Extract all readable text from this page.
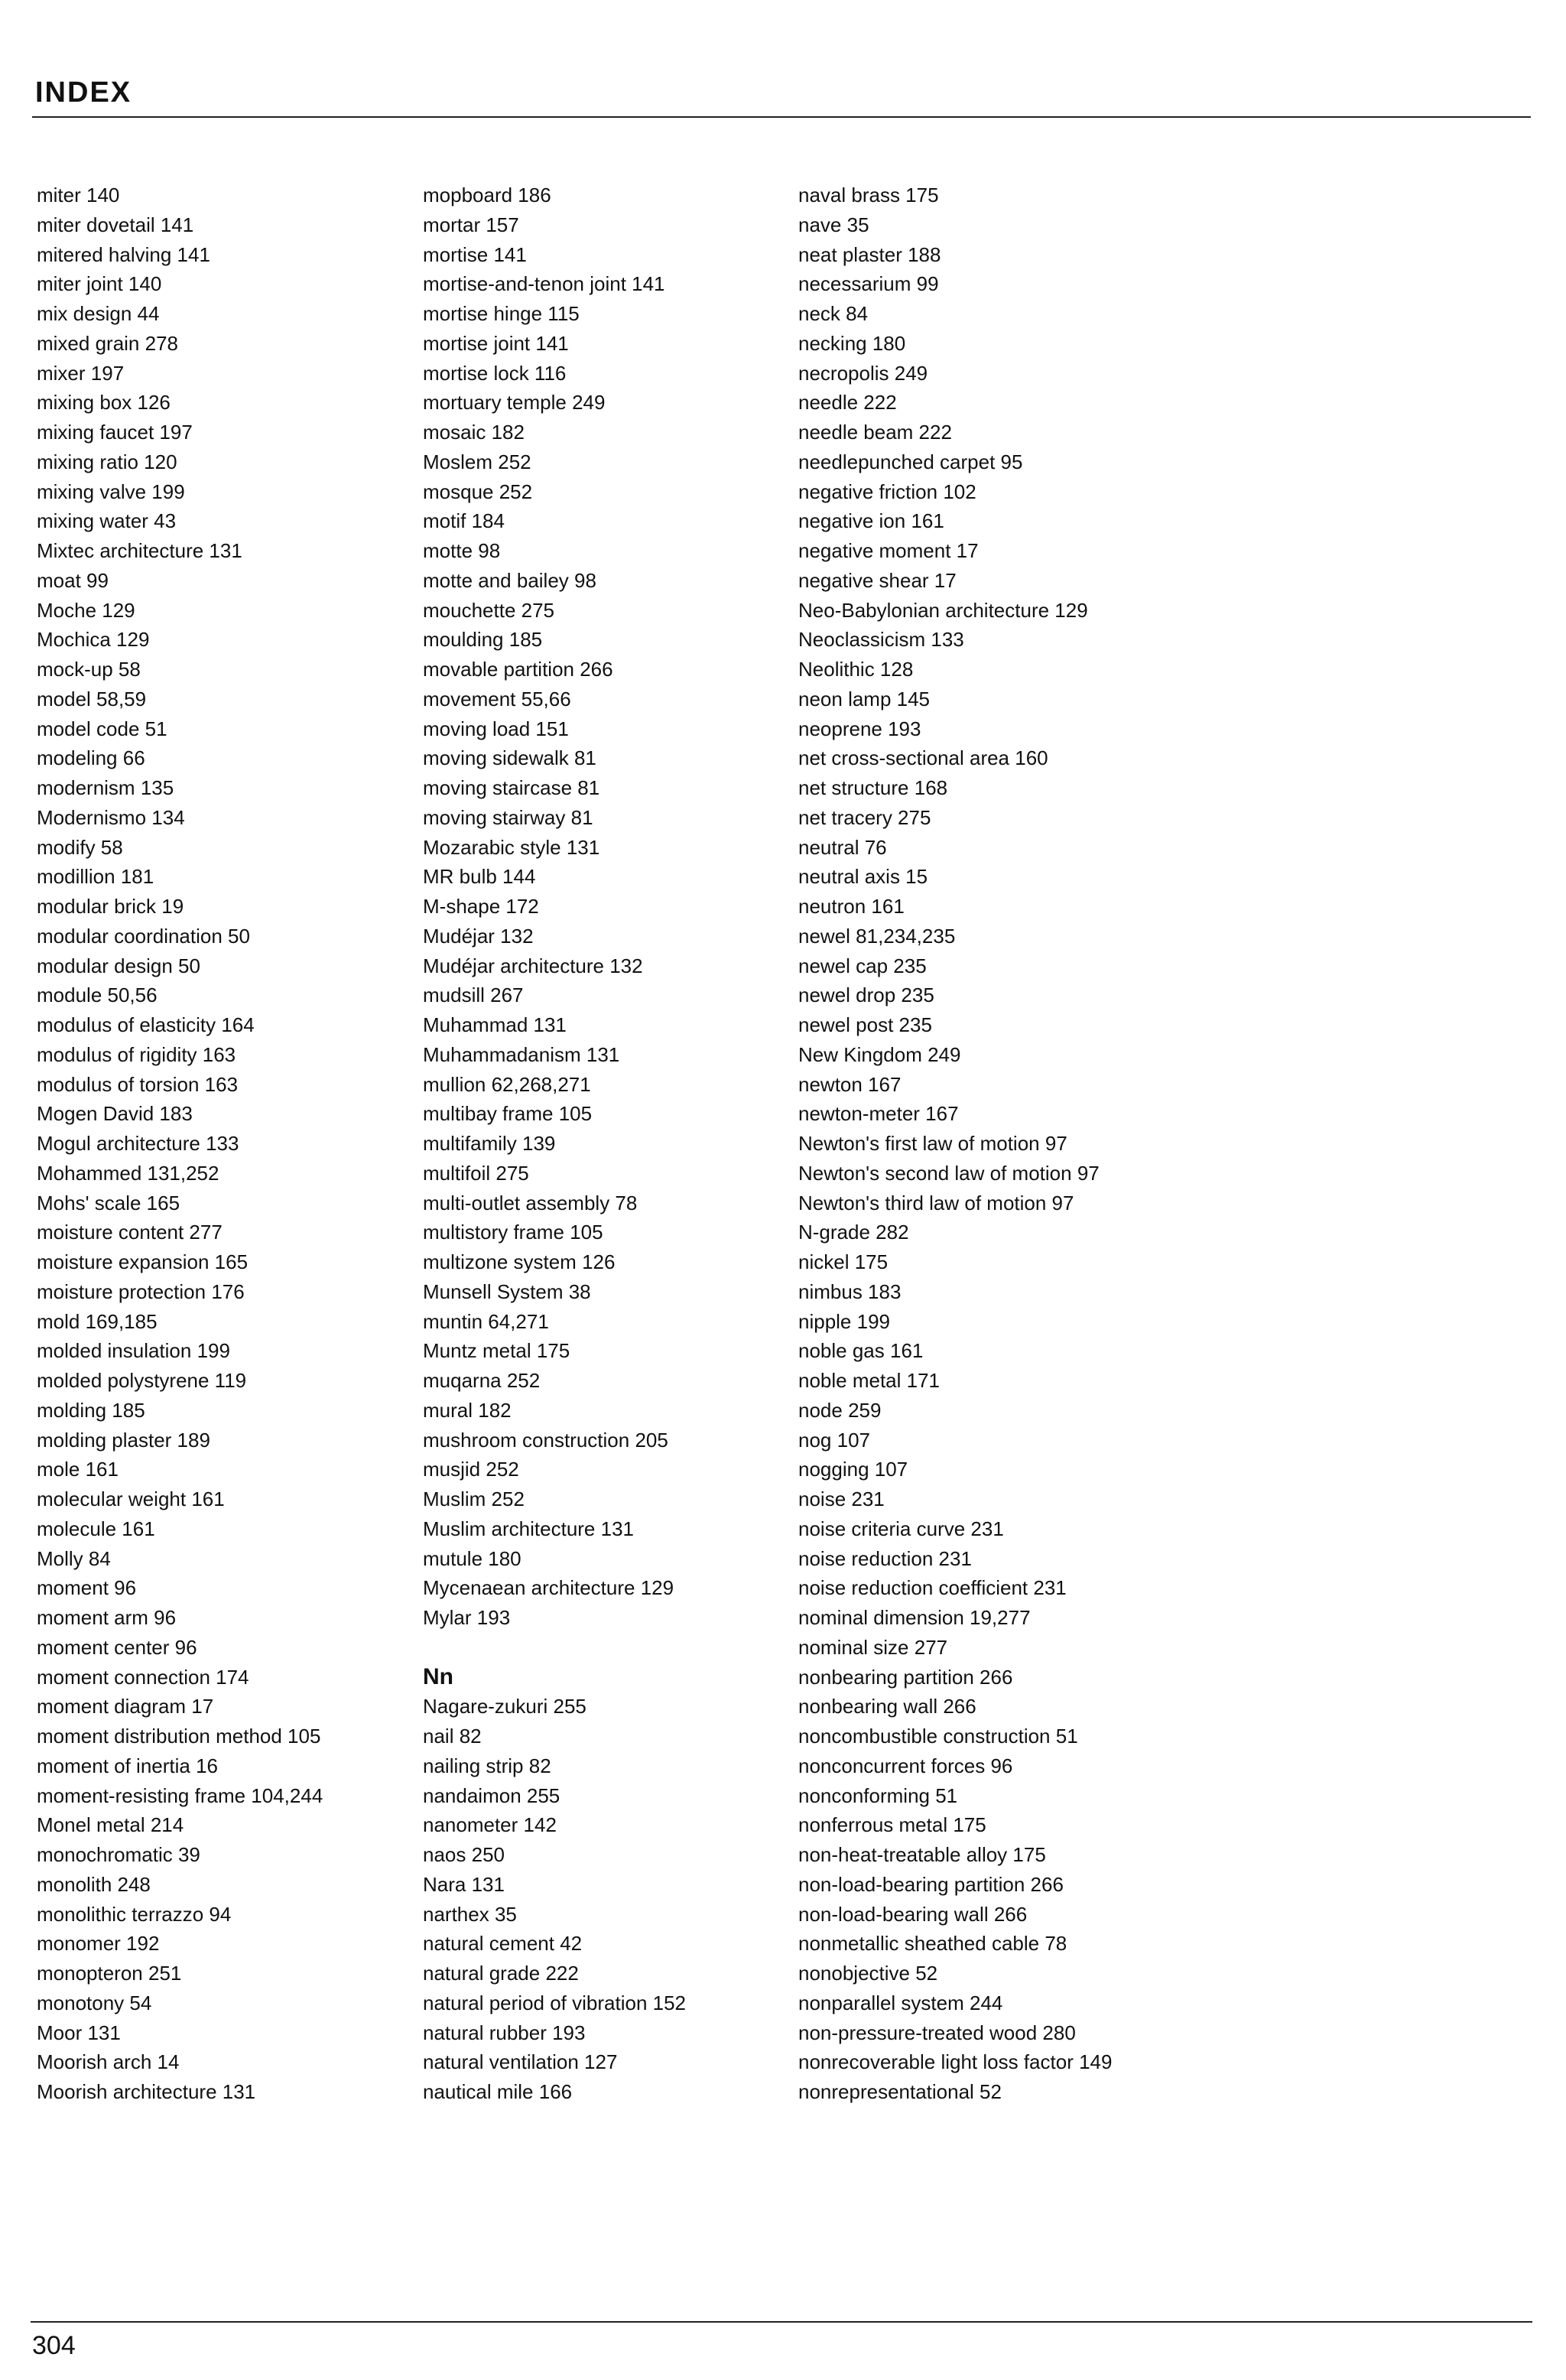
INDEX
miter 140
miter dovetail 141
mitered halving 141
miter joint 140
mix design 44
mixed grain 278
mixer 197
mixing box 126
mixing faucet 197
mixing ratio 120
mixing valve 199
mixing water 43
Mixtec architecture 131
moat 99
Moche 129
Mochica 129
mock-up 58
model 58,59
model code 51
modeling 66
modernism 135
Modernismo 134
modify 58
modillion 181
modular brick 19
modular coordination 50
modular design 50
module 50,56
modulus of elasticity 164
modulus of rigidity 163
modulus of torsion 163
Mogen David 183
Mogul architecture 133
Mohammed 131,252
Mohs' scale 165
moisture content 277
moisture expansion 165
moisture protection 176
mold 169,185
molded insulation 199
molded polystyrene 119
molding 185
molding plaster 189
mole 161
molecular weight 161
molecule 161
Molly 84
moment 96
moment arm 96
moment center 96
moment connection 174
moment diagram 17
moment distribution method 105
moment of inertia 16
moment-resisting frame 104,244
Monel metal 214
monochromatic 39
monolith 248
monolithic terrazzo 94
monomer 192
monopteron 251
monotony 54
Moor 131
Moorish arch 14
Moorish architecture 131
mopboard 186
mortar 157
mortise 141
mortise-and-tenon joint 141
mortise hinge 115
mortise joint 141
mortise lock 116
mortuary temple 249
mosaic 182
Moslem 252
mosque 252
motif 184
motte 98
motte and bailey 98
mouchette 275
moulding 185
movable partition 266
movement 55,66
moving load 151
moving sidewalk 81
moving staircase 81
moving stairway 81
Mozarabic style 131
MR bulb 144
M-shape 172
Mudéjar 132
Mudéjar architecture 132
mudsill 267
Muhammad 131
Muhammadanism 131
mullion 62,268,271
multibay frame 105
multifamily 139
multifoil 275
multi-outlet assembly 78
multistory frame 105
multizone system 126
Munsell System 38
muntin 64,271
Muntz metal 175
muqarna 252
mural 182
mushroom construction 205
musjid 252
Muslim 252
Muslim architecture 131
mutule 180
Mycenaean architecture 129
Mylar 193
Nn
Nagare-zukuri 255
nail 82
nailing strip 82
nandaimon 255
nanometer 142
naos 250
Nara 131
narthex 35
natural cement 42
natural grade 222
natural period of vibration 152
natural rubber 193
natural ventilation 127
nautical mile 166
naval brass 175
nave 35
neat plaster 188
necessarium 99
neck 84
necking 180
necropolis 249
needle 222
needle beam 222
needlepunched carpet 95
negative friction 102
negative ion 161
negative moment 17
negative shear 17
Neo-Babylonian architecture 129
Neoclassicism 133
Neolithic 128
neon lamp 145
neoprene 193
net cross-sectional area 160
net structure 168
net tracery 275
neutral 76
neutral axis 15
neutron 161
newel 81,234,235
newel cap 235
newel drop 235
newel post 235
New Kingdom 249
newton 167
newton-meter 167
Newton's first law of motion 97
Newton's second law of motion 97
Newton's third law of motion 97
N-grade 282
nickel 175
nimbus 183
nipple 199
noble gas 161
noble metal 171
node 259
nog 107
nogging 107
noise 231
noise criteria curve 231
noise reduction 231
noise reduction coefficient 231
nominal dimension 19,277
nominal size 277
nonbearing partition 266
nonbearing wall 266
noncombustible construction 51
nonconcurrent forces 96
nonconforming 51
nonferrous metal 175
non-heat-treatable alloy 175
non-load-bearing partition 266
non-load-bearing wall 266
nonmetallic sheathed cable 78
nonobjective 52
nonparallel system 244
non-pressure-treated wood 280
nonrecoverable light loss factor 149
nonrepresentational 52
304
